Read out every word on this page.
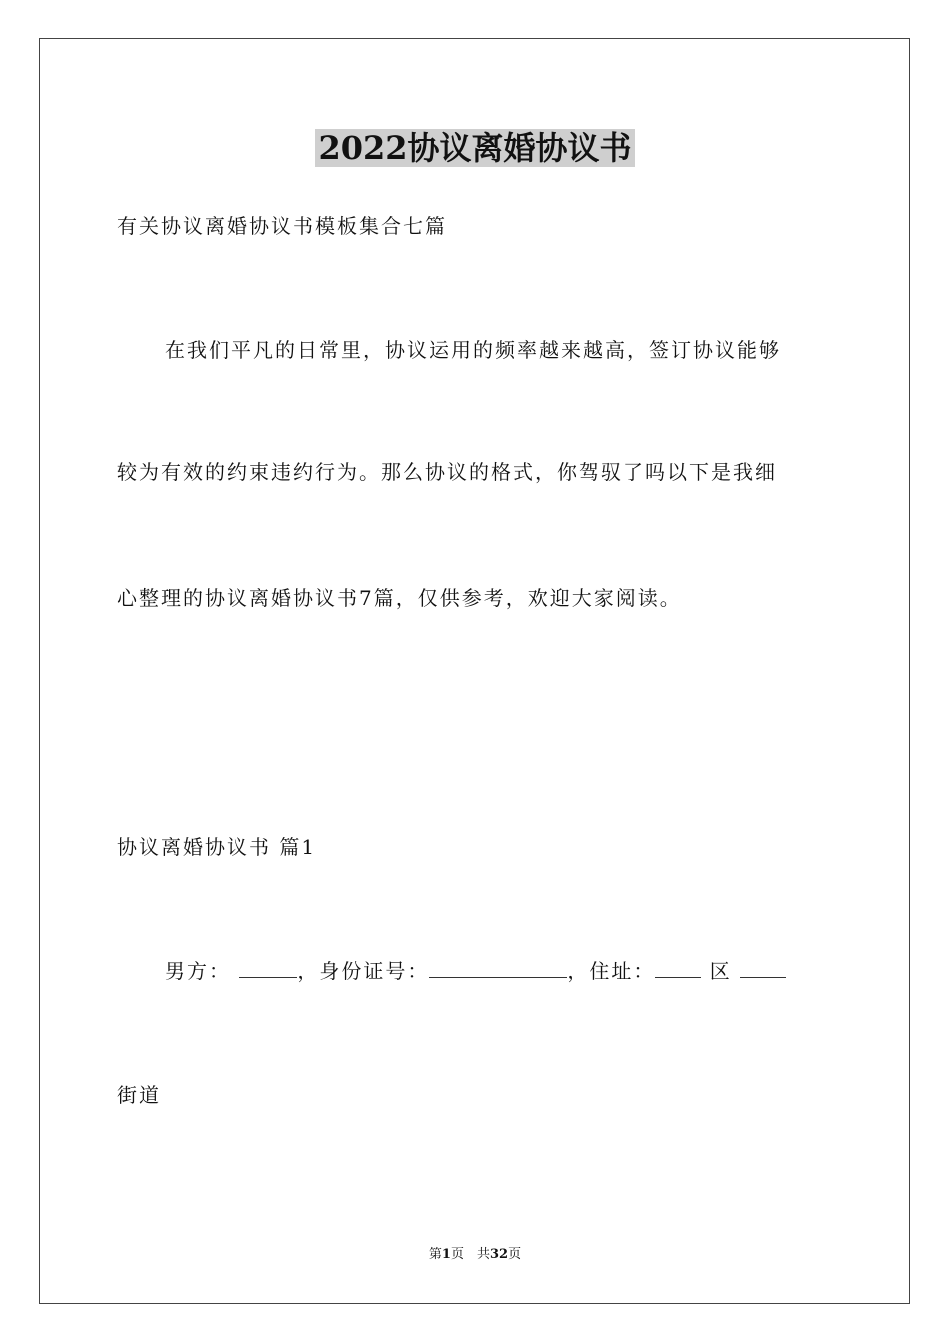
2022协议离婚协议书
有关协议离婚协议书模板集合七篇
在我们平凡的日常里，协议运用的频率越来越高，签订协议能够
较为有效的约束违约行为。那么协议的格式，你驾驭了吗以下是我细
心整理的协议离婚协议书7篇，仅供参考，欢迎大家阅读。
协议离婚协议书 篇1
男方：	，身份证号：	，住址：	区
街道
第1页　共32页
